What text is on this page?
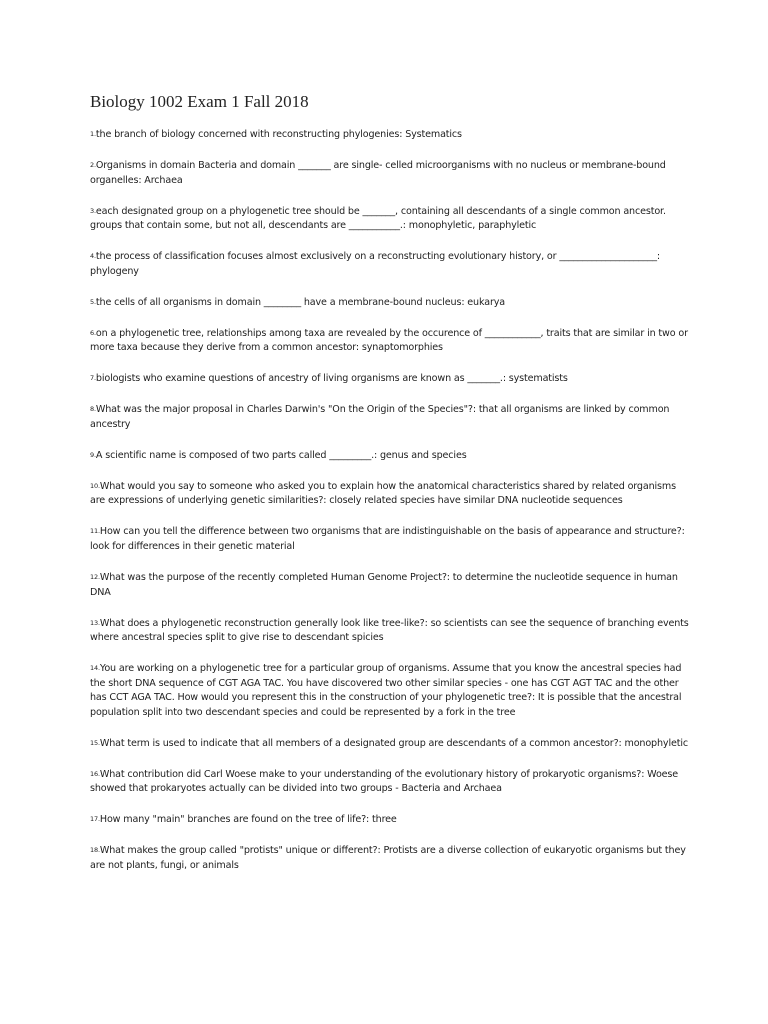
Biology 1002 Exam 1 Fall 2018
1.the branch of biology concerned with reconstructing phylogenies: Systematics
2.Organisms in domain Bacteria and domain _______ are single- celled microorganisms with no nucleus or membrane-bound organelles: Archaea
3.each designated group on a phylogenetic tree should be _______, containing all descendants of a single common ancestor. groups that contain some, but not all, descendants are ___________.: monophyletic, paraphyletic
4.the process of classification focuses almost exclusively on a reconstructing evolutionary history, or _____________________: phylogeny
5.the cells of all organisms in domain ________ have a membrane-bound nucleus: eukarya
6.on a phylogenetic tree, relationships among taxa are revealed by the occurence of ____________, traits that are similar in two or more taxa because they derive from a common ancestor: synaptomorphies
7.biologists who examine questions of ancestry of living organisms are known as _______.: systematists
8.What was the major proposal in Charles Darwin's "On the Origin of the Species"?: that all organisms are linked by common ancestry
9.A scientific name is composed of two parts called _________.: genus and species
10.What would you say to someone who asked you to explain how the anatomical characteristics shared by related organisms are expressions of underlying genetic similarities?: closely related species have similar DNA nucleotide sequences
11.How can you tell the difference between two organisms that are indistinguishable on the basis of appearance and structure?: look for differences in their genetic material
12.What was the purpose of the recently completed Human Genome Project?: to determine the nucleotide sequence in human DNA
13.What does a phylogenetic reconstruction generally look like tree-like?: so scientists can see the sequence of branching events where ancestral species split to give rise to descendant spicies
14.You are working on a phylogenetic tree for a particular group of organisms. Assume that you know the ancestral species had the short DNA sequence of CGT AGA TAC. You have discovered two other similar species - one has CGT AGT TAC and the other has CCT AGA TAC. How would you represent this in the construction of your phylogenetic tree?: It is possible that the ancestral population split into two descendant species and could be represented by a fork in the tree
15.What term is used to indicate that all members of a designated group are descendants of a common ancestor?: monophyletic
16.What contribution did Carl Woese make to your understanding of the evolutionary history of prokaryotic organisms?: Woese showed that prokaryotes actually can be divided into two groups - Bacteria and Archaea
17.How many "main" branches are found on the tree of life?: three
18.What makes the group called "protists" unique or different?: Protists are a diverse collection of eukaryotic organisms but they are not plants, fungi, or animals
